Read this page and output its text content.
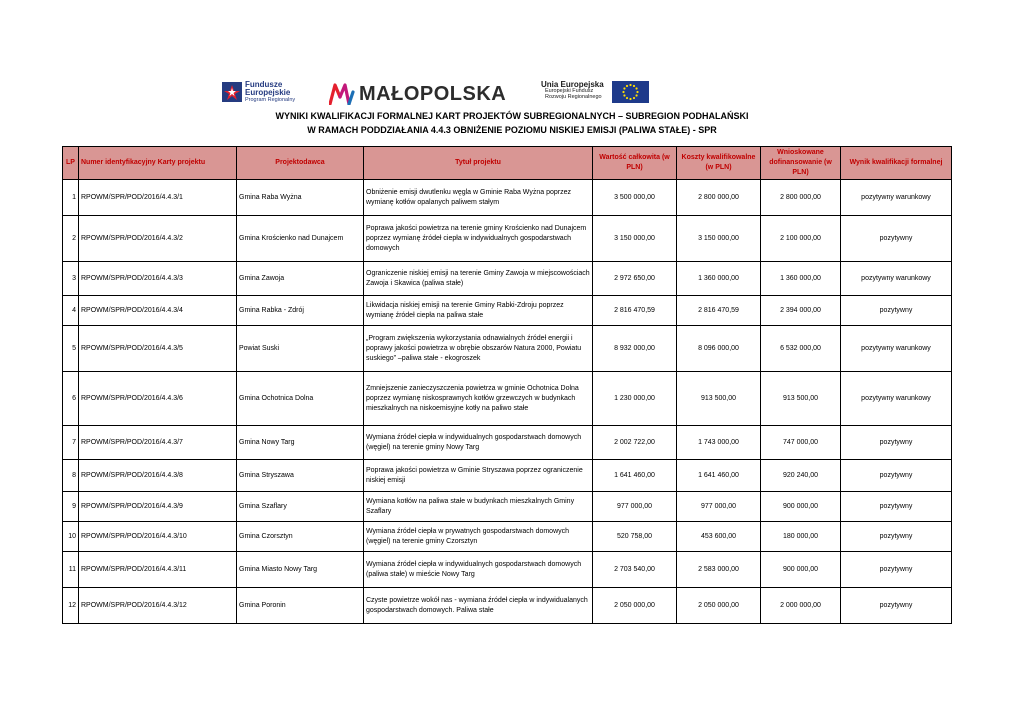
Fundusze
Europejskie
Program Regionalny	MAŁOPOLSKA	Unia Europejska
Europejski Fundusz
Rozwoju Regionalnego
WYNIKI KWALIFIKACJI FORMALNEJ KART PROJEKTÓW SUBREGIONALNYCH – SUBREGION PODHALAŃSKI
W RAMACH PODDZIAŁANIA 4.4.3 OBNIŻENIE POZIOMU NISKIEJ EMISJI (PALIWA STAŁE) - SPR
LP	Numer identyfikacyjny Karty projektu	Projektodawca	Tytuł projektu	Wartość całkowita (w PLN)	Koszty kwalifikowalne (w PLN)	Wnioskowane dofinansowanie (w PLN)	Wynik kwalifikacji formalnej
1	RPOWM/SPR/POD/2016/4.4.3/1	Gmina Raba Wyżna	Obniżenie emisji dwutlenku węgla w Gminie Raba Wyżna poprzez wymianę kotłów opalanych paliwem stałym	3 500 000,00	2 800 000,00	2 800 000,00	pozytywny warunkowy
2	RPOWM/SPR/POD/2016/4.4.3/2	Gmina Krościenko nad Dunajcem	Poprawa jakości powietrza na terenie gminy Krościenko nad Dunajcem poprzez wymianę źródeł ciepła w indywidualnych gospodarstwach domowych	3 150 000,00	3 150 000,00	2 100 000,00	pozytywny
3	RPOWM/SPR/POD/2016/4.4.3/3	Gmina Zawoja	Ograniczenie niskiej emisji na terenie Gminy Zawoja w miejscowościach Zawoja i Skawica (paliwa stałe)	2 972 650,00	1 360 000,00	1 360 000,00	pozytywny warunkowy
4	RPOWM/SPR/POD/2016/4.4.3/4	Gmina Rabka - Zdrój	Likwidacja niskiej emisji na terenie Gminy Rabki-Zdroju poprzez wymianę źródeł ciepła na paliwa stałe	2 816 470,59	2 816 470,59	2 394 000,00	pozytywny
5	RPOWM/SPR/POD/2016/4.4.3/5	Powiat Suski	„Program zwiększenia wykorzystania odnawialnych źródeł energii i poprawy jakości powietrza w obrębie obszarów Natura 2000, Powiatu suskiego” –paliwa stałe - ekogroszek	8 932 000,00	8 096 000,00	6 532 000,00	pozytywny warunkowy
6	RPOWM/SPR/POD/2016/4.4.3/6	Gmina Ochotnica Dolna	Zmniejszenie zanieczyszczenia powietrza w gminie Ochotnica Dolna poprzez wymianę niskosprawnych kotłów grzewczych w budynkach mieszkalnych na niskoemisyjne kotły na paliwo stałe	1 230 000,00	913 500,00	913 500,00	pozytywny warunkowy
7	RPOWM/SPR/POD/2016/4.4.3/7	Gmina Nowy Targ	Wymiana źródeł ciepła w indywidualnych gospodarstwach domowych (węgiel) na terenie gminy Nowy Targ	2 002 722,00	1 743 000,00	747 000,00	pozytywny
8	RPOWM/SPR/POD/2016/4.4.3/8	Gmina Stryszawa	Poprawa jakości powietrza w Gminie Stryszawa poprzez ograniczenie niskiej emisji	1 641 460,00	1 641 460,00	920 240,00	pozytywny
9	RPOWM/SPR/POD/2016/4.4.3/9	Gmina Szaflary	Wymiana kotłów na paliwa stałe w budynkach mieszkalnych Gminy Szaflary	977 000,00	977 000,00	900 000,00	pozytywny
10	RPOWM/SPR/POD/2016/4.4.3/10	Gmina Czorsztyn	Wymiana źródeł ciepła w prywatnych gospodarstwach domowych (węgiel) na terenie gminy Czorsztyn	520 758,00	453 600,00	180 000,00	pozytywny
11	RPOWM/SPR/POD/2016/4.4.3/11	Gmina Miasto Nowy Targ	Wymiana źródeł ciepła w indywidualnych gospodarstwach domowych (paliwa stałe) w mieście Nowy Targ	2 703 540,00	2 583 000,00	900 000,00	pozytywny
12	RPOWM/SPR/POD/2016/4.4.3/12	Gmina Poronin	Czyste powietrze wokół nas - wymiana źródeł ciepła w indywidualanych gospodarstwach domowych. Paliwa stałe	2 050 000,00	2 050 000,00	2 000 000,00	pozytywny
